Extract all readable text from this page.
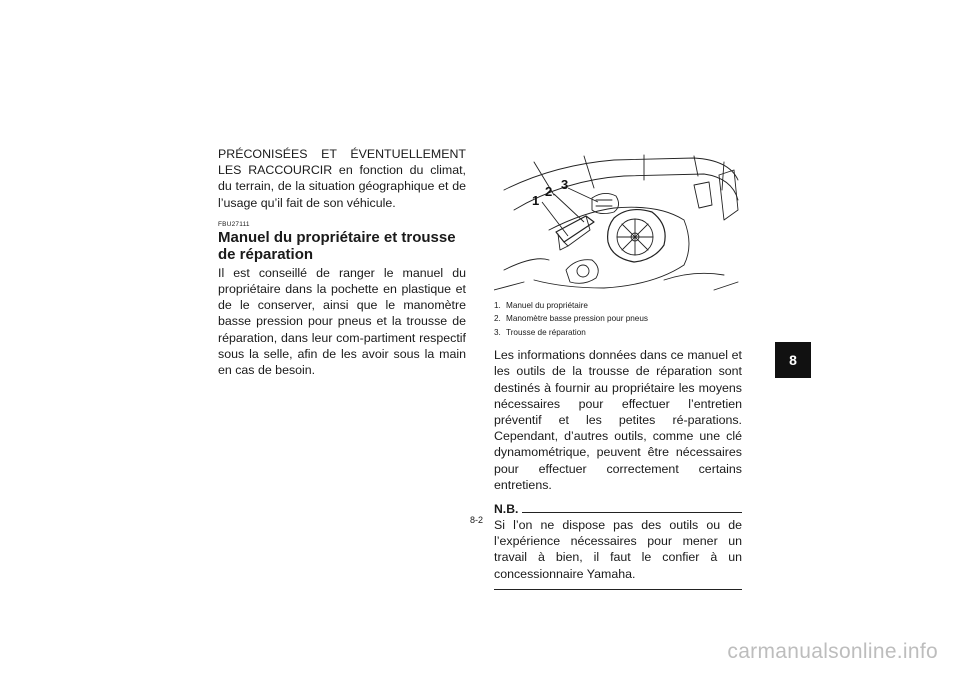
PRÉCONISÉES ET ÉVENTUELLEMENT LES RACCOURCIR en fonction du climat, du terrain, de la situation géographique et de l’usage qu’il fait de son véhicule.

FBU27111
Manuel du propriétaire et trousse de réparation

Il est conseillé de ranger le manuel du propriétaire dans la pochette en plastique et de le conserver, ainsi que le manomètre basse pression pour pneus et la trousse de réparation, dans leur com-partiment respectif sous la selle, afin de les avoir sous la main en cas de besoin.

1
2 3
1. Manuel du propriétaire
2. Manomètre basse pression pour pneus
3. Trousse de réparation

Les informations données dans ce manuel et les outils de la trousse de réparation sont destinés à fournir au propriétaire les moyens nécessaires pour effectuer l’entretien préventif et les petites ré-parations. Cependant, d’autres outils, comme une clé dynamométrique, peuvent être nécessaires pour effectuer correctement certains entretiens.

N.B.

Si l’on ne dispose pas des outils ou de l’expérience nécessaires pour mener un travail à bien, il faut le confier à un concessionnaire Yamaha.

8
8-2
carmanualsonline.info
